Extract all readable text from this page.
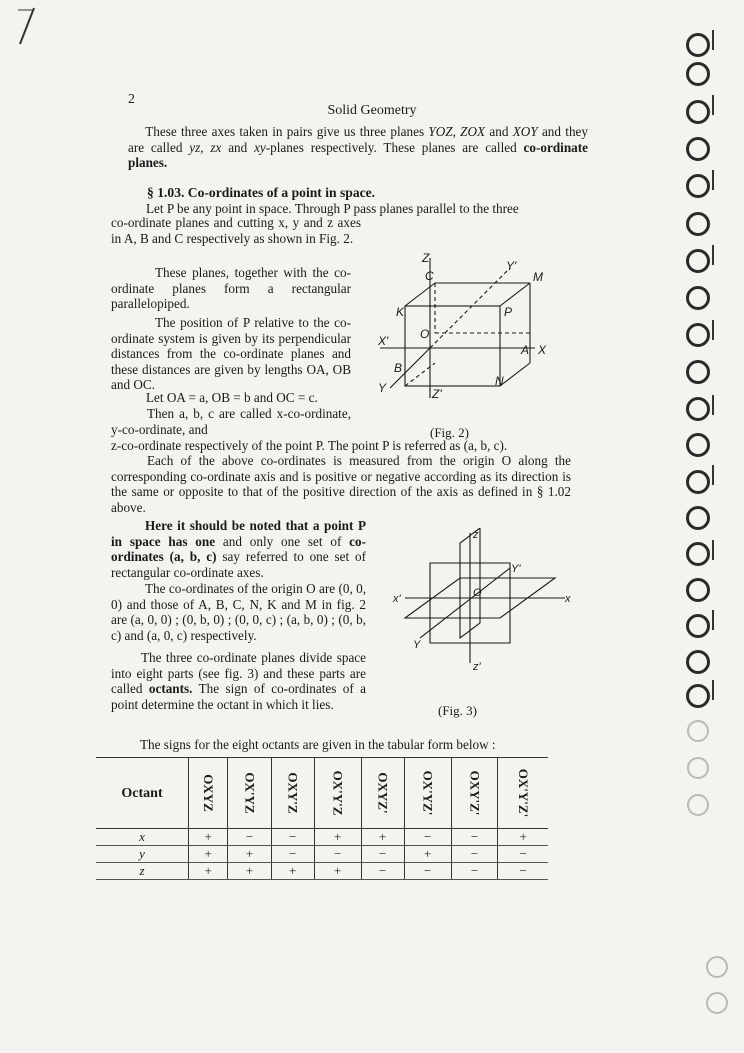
2
Solid Geometry
These three axes taken in pairs give us three planes YOZ, ZOX and XOY and they are called yz, zx and xy-planes respectively. These planes are called co-ordinate planes.
§ 1.03. Co-ordinates of a point in space.
Let P be any point in space. Through P pass planes parallel to the three
co-ordinate planes and cutting x, y and z axes in A, B and C respectively as shown in Fig. 2.
These planes, together with the co-ordinate planes form a rectangular parallelopiped.
The position of P relative to the co-ordinate system is given by its perpendicular distances from the co-ordinate planes and these distances are given by lengths OA, OB and OC.
Let OA = a, OB = b and OC = c.
Then a, b, c are called x-co-ordinate, y-co-ordinate, and
z-co-ordinate respectively of the point P. The point P is referred as (a, b, c).
Each of the above co-ordinates is measured from the origin O along the corresponding co-ordinate axis and is positive or negative according as its direction is the same or opposite to that of the positive direction of the axis as defined in § 1.02 above.
Here it should be noted that a point P in space has one and only one set of co-ordinates (a, b, c) say referred to one set of rectangular co-ordinate axes.
The co-ordinates of the origin O are (0, 0, 0) and those of A, B, C, N, K and M in fig. 2 are (a, 0, 0) ; (0, b, 0) ; (0, 0, c) ; (a, b, 0) ; (0, b, c) and (a, 0, c) respectively.
The three co-ordinate planes divide space into eight parts (see fig. 3) and these parts are called octants. The sign of co-ordinates of a point determine the octant in which it lies.
The signs for the eight octants are given in the tabular form below :
Z
C
Y'
M
K	P
O
X'
A X
B
N
Y	Z'
(Fig. 2)
z
Y'
x'	O	x
Y
z'
(Fig. 3)
Octant	OXYZ	OX'YZ	OXY'Z	OX'Y'Z	OXYZ'	OX'YZ'	OXY'Z'	OX'Y'Z'
x	+	−	−	+	+	−	−	+
y	+	+	−	−	−	+	−	−
z	+	+	+	+	−	−	−	−
